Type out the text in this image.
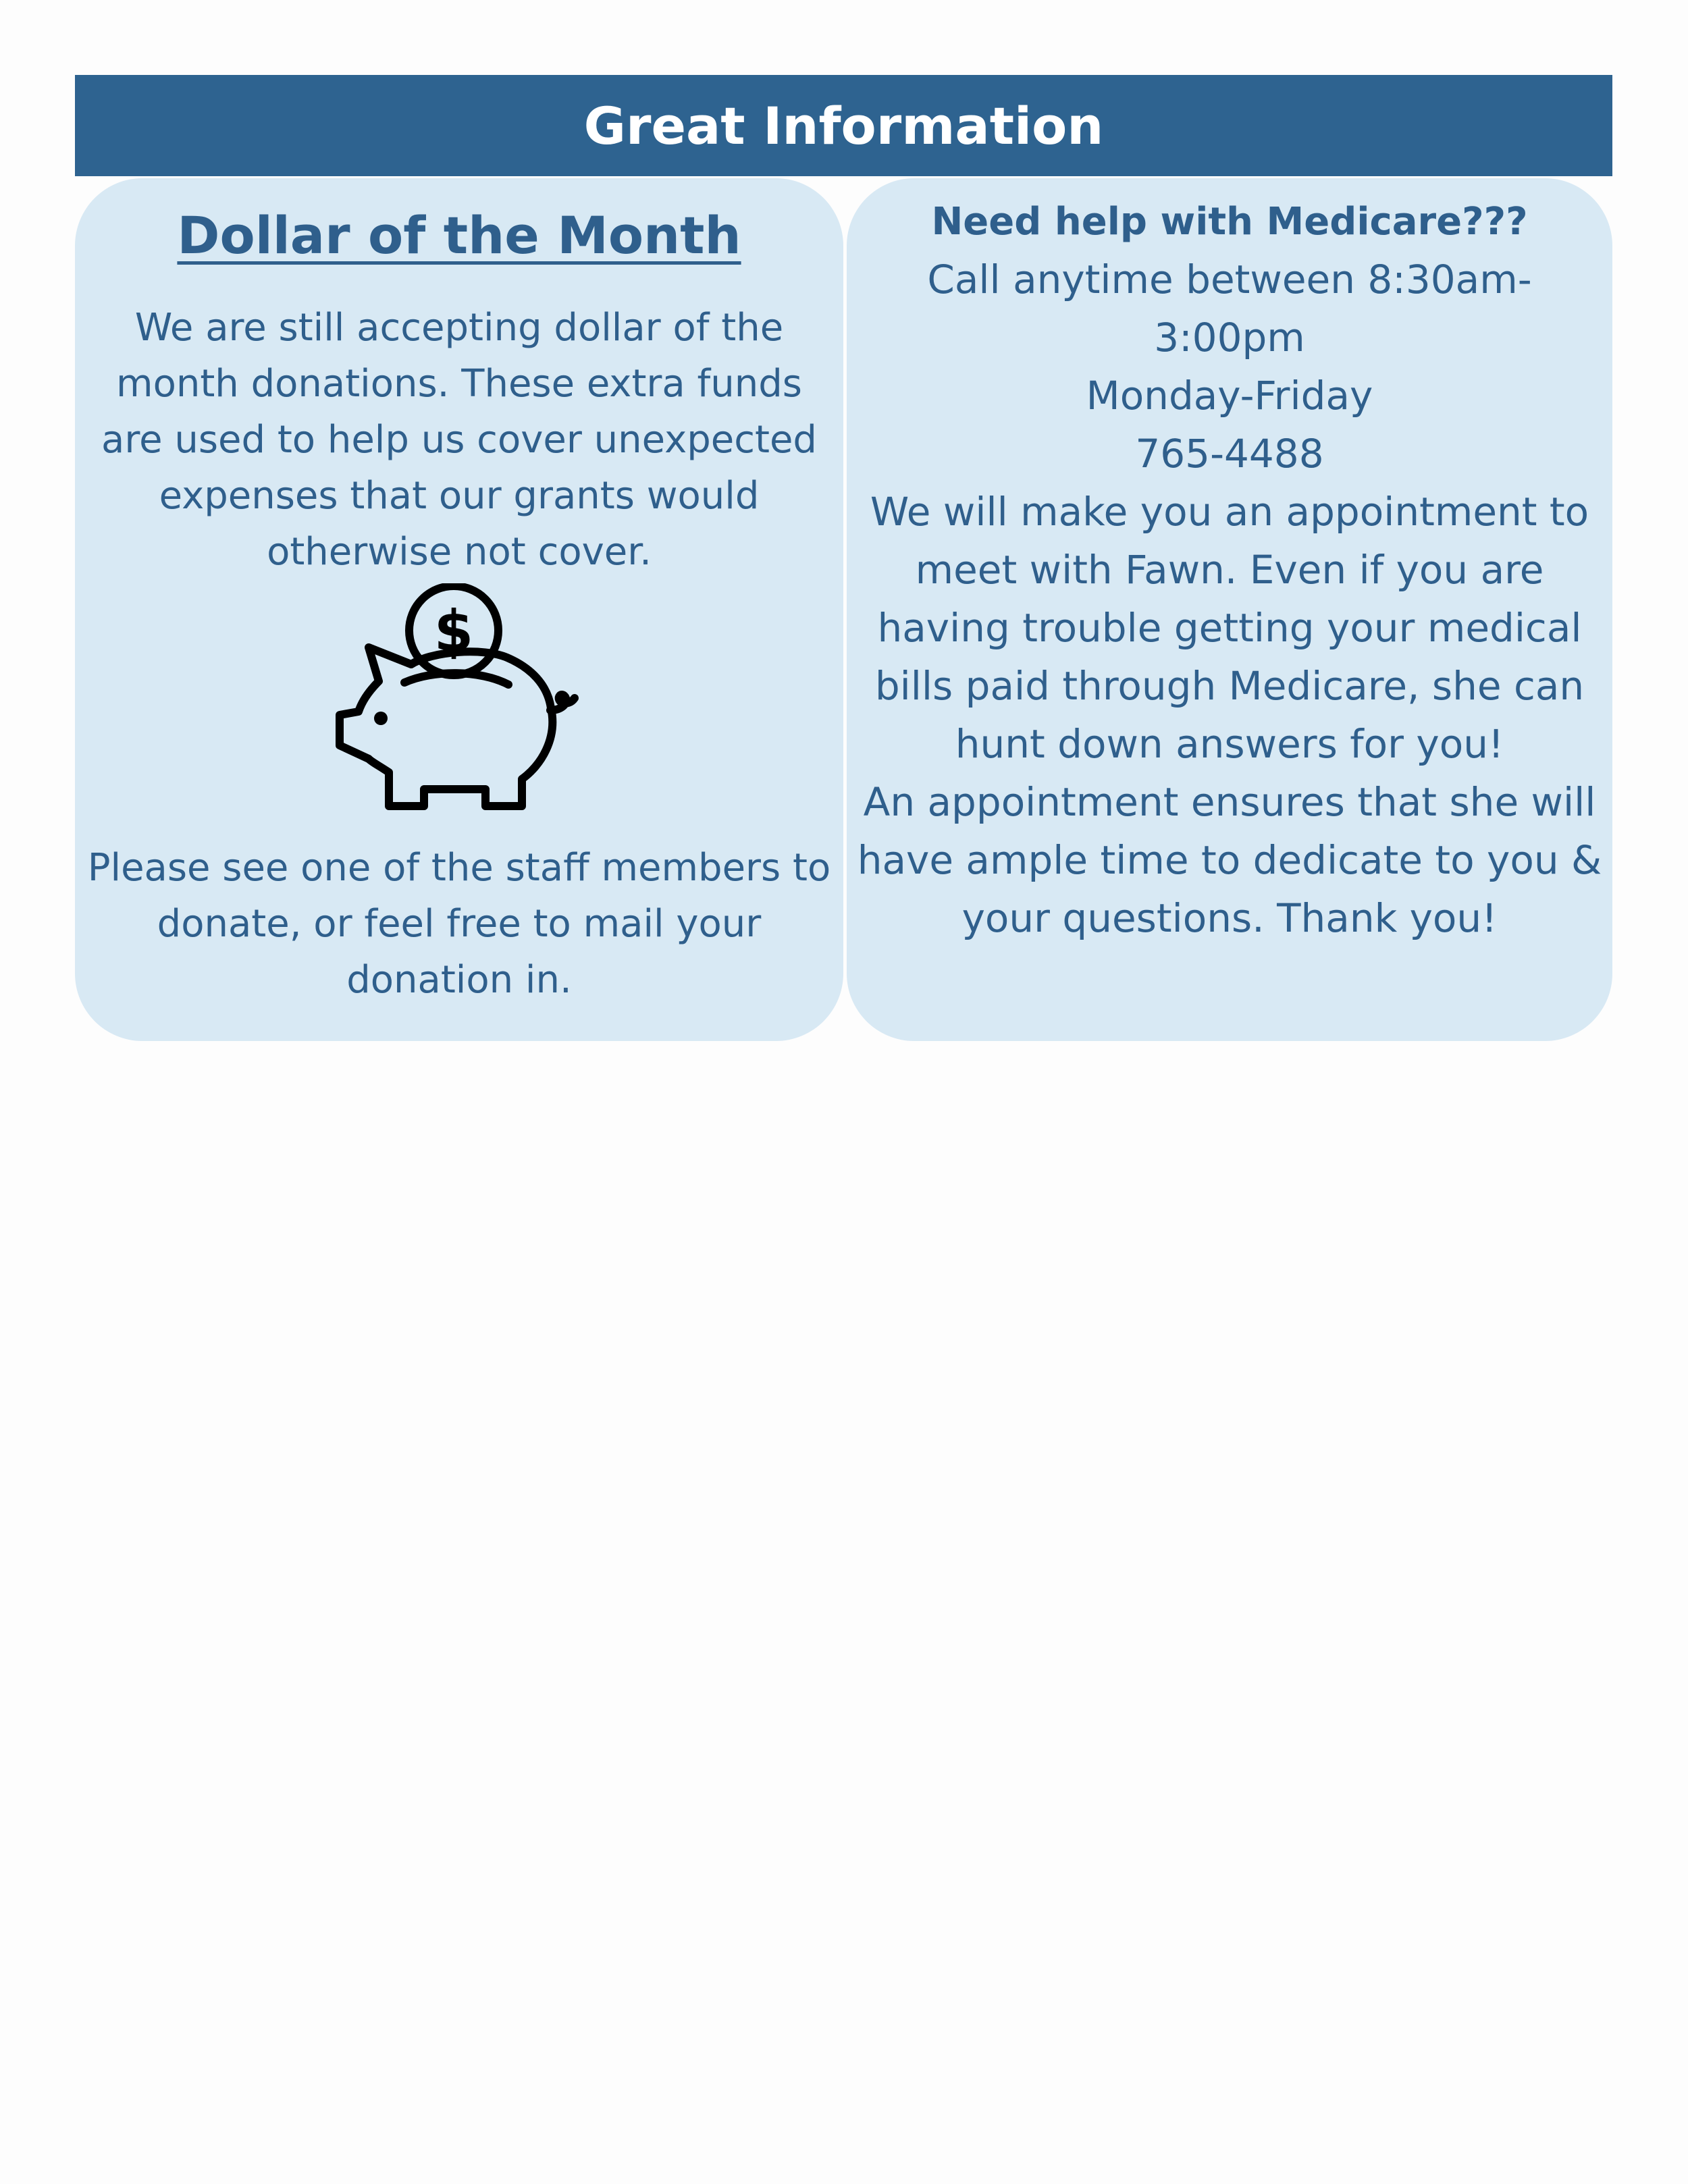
Great Information
Dollar of the Month
We are still accepting dollar of the month donations. These extra funds are used to help us cover unexpected expenses that our grants would otherwise not cover.
$
Please see one of the staff members to donate, or feel free to mail your donation in.
Need help with Medicare???
Call anytime between 8:30am-3:00pm
Monday-Friday
765-4488
We will make you an appointment to meet with Fawn. Even if you are having trouble getting your medical bills paid through Medicare, she can hunt down answers for you!
An appointment ensures that she will have ample time to dedicate to you & your questions. Thank you!
